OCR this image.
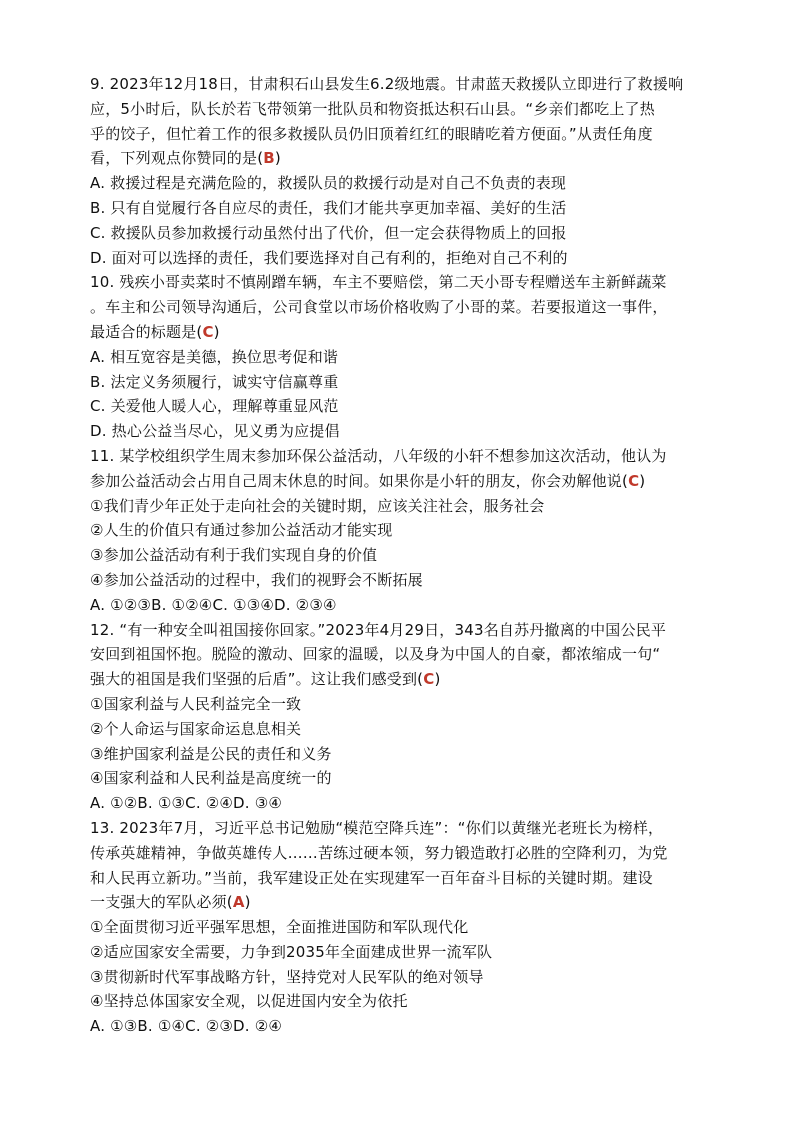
9. 2023年12月18日，甘肃积石山县发生6.2级地震。甘肃蓝天救援队立即进行了救援响
应，5小时后，队长於若飞带领第一批队员和物资抵达积石山县。“乡亲们都吃上了热
乎的饺子，但忙着工作的很多救援队员仍旧顶着红红的眼睛吃着方便面。”从责任角度
看，下列观点你赞同的是(B)
A. 救援过程是充满危险的，救援队员的救援行动是对自己不负责的表现
B. 只有自觉履行各自应尽的责任，我们才能共享更加幸福、美好的生活
C. 救援队员参加救援行动虽然付出了代价，但一定会获得物质上的回报
D. 面对可以选择的责任，我们要选择对自己有利的，拒绝对自己不利的
10. 残疾小哥卖菜时不慎剐蹭车辆，车主不要赔偿，第二天小哥专程赠送车主新鲜蔬菜
。车主和公司领导沟通后，公司食堂以市场价格收购了小哥的菜。若要报道这一事件，
最适合的标题是(C)
A. 相互宽容是美德，换位思考促和谐
B. 法定义务须履行，诚实守信赢尊重
C. 关爱他人暖人心，理解尊重显风范
D. 热心公益当尽心，见义勇为应提倡
11. 某学校组织学生周末参加环保公益活动，八年级的小轩不想参加这次活动，他认为
参加公益活动会占用自己周末休息的时间。如果你是小轩的朋友，你会劝解他说(C)
①我们青少年正处于走向社会的关键时期，应该关注社会，服务社会
②人生的价值只有通过参加公益活动才能实现
③参加公益活动有利于我们实现自身的价值
④参加公益活动的过程中，我们的视野会不断拓展
A. ①②③B. ①②④C. ①③④D. ②③④
12. “有一种安全叫祖国接你回家。”2023年4月29日，343名自苏丹撤离的中国公民平
安回到祖国怀抱。脱险的激动、回家的温暖，以及身为中国人的自豪，都浓缩成一句“
强大的祖国是我们坚强的后盾”。这让我们感受到(C)
①国家利益与人民利益完全一致
②个人命运与国家命运息息相关
③维护国家利益是公民的责任和义务
④国家利益和人民利益是高度统一的
A. ①②B. ①③C. ②④D. ③④
13. 2023年7月，习近平总书记勉励“模范空降兵连”：“你们以黄继光老班长为榜样，
传承英雄精神，争做英雄传人……苦练过硬本领，努力锻造敢打必胜的空降利刃，为党
和人民再立新功。”当前，我军建设正处在实现建军一百年奋斗目标的关键时期。建设
一支强大的军队必须(A)
①全面贯彻习近平强军思想，全面推进国防和军队现代化
②适应国家安全需要，力争到2035年全面建成世界一流军队
③贯彻新时代军事战略方针，坚持党对人民军队的绝对领导
④坚持总体国家安全观，以促进国内安全为依托
A. ①③B. ①④C. ②③D. ②④
